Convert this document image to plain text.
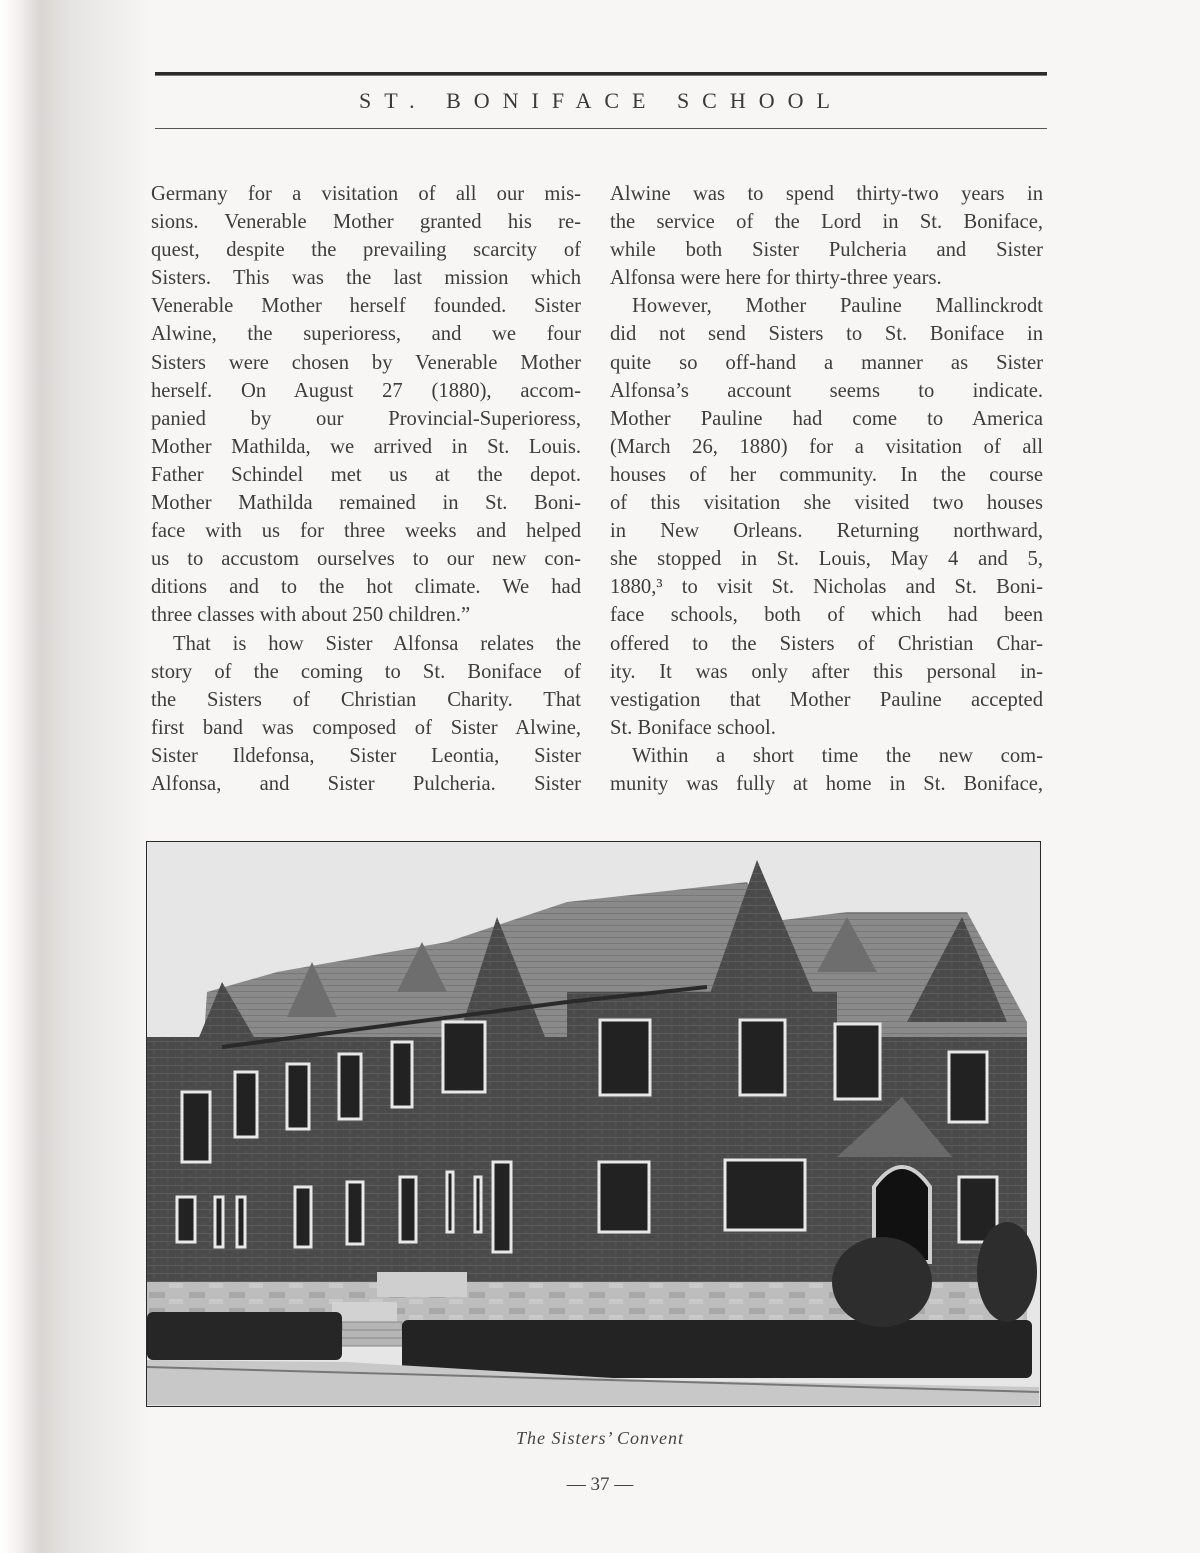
ST. BONIFACE SCHOOL

Germany for a visitation of all our mis-
sions. Venerable Mother granted his re-
quest, despite the prevailing scarcity of
Sisters. This was the last mission which
Venerable Mother herself founded. Sister
Alwine, the superioress, and we four
Sisters were chosen by Venerable Mother
herself. On August 27 (1880), accom-
panied by our Provincial-Superioress,
Mother Mathilda, we arrived in St. Louis.
Father Schindel met us at the depot.
Mother Mathilda remained in St. Boni-
face with us for three weeks and helped
us to accustom ourselves to our new con-
ditions and to the hot climate. We had
three classes with about 250 children.”

That is how Sister Alfonsa relates the
story of the coming to St. Boniface of
the Sisters of Christian Charity. That
first band was composed of Sister Alwine,
Sister Ildefonsa, Sister Leontia, Sister
Alfonsa, and Sister Pulcheria. Sister

Alwine was to spend thirty-two years in
the service of the Lord in St. Boniface,
while both Sister Pulcheria and Sister
Alfonsa were here for thirty-three years.

However, Mother Pauline Mallinckrodt
did not send Sisters to St. Boniface in
quite so off-hand a manner as Sister
Alfonsa’s account seems to indicate.
Mother Pauline had come to America
(March 26, 1880) for a visitation of all
houses of her community. In the course
of this visitation she visited two houses
in New Orleans. Returning northward,
she stopped in St. Louis, May 4 and 5,
1880,³ to visit St. Nicholas and St. Boni-
face schools, both of which had been
offered to the Sisters of Christian Char-
ity. It was only after this personal in-
vestigation that Mother Pauline accepted
St. Boniface school.

Within a short time the new com-
munity was fully at home in St. Boniface,

The Sisters’ Convent
— 37 —
